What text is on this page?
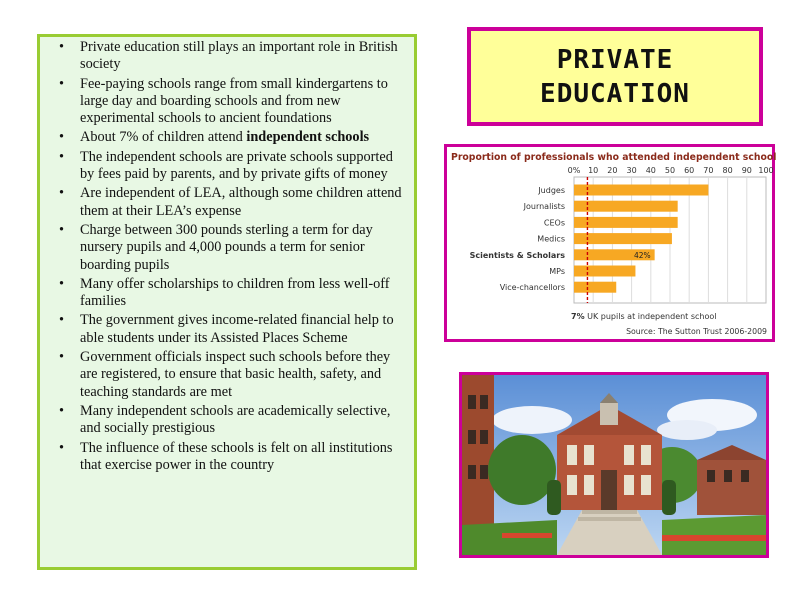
• Private education still plays an important role in British society
• Fee-paying schools range from small kindergartens to large day and boarding schools and from new experimental schools to ancient foundations
• About 7% of children attend independent schools
• The independent schools are private schools supported by fees paid by parents, and by private gifts of money
• Are independent of LEA, although some children attend them at their LEA’s expense
• Charge between 300 pounds sterling a term for day nursery pupils and 4,000 pounds a term for senior boarding pupils
• Many offer scholarships to children from less well-off families
• The government gives income-related financial help to able students under its Assisted Places Scheme
• Government officials inspect such schools before they are registered, to ensure that basic health, safety, and teaching standards are met
• Many independent schools are academically selective, and socially prestigious
• The influence of these schools is felt on all institutions that exercise power in the country
PRIVATE
EDUCATION
Proportion of professionals who attended independent school
0% 10 20 30 40 50 60 70 80 90 100
Judges
Journalists
CEOs
Medics
Scientists & Scholars	42%
MPs
Vice-chancellors
7% UK pupils at independent school
Source: The Sutton Trust 2006-2009
